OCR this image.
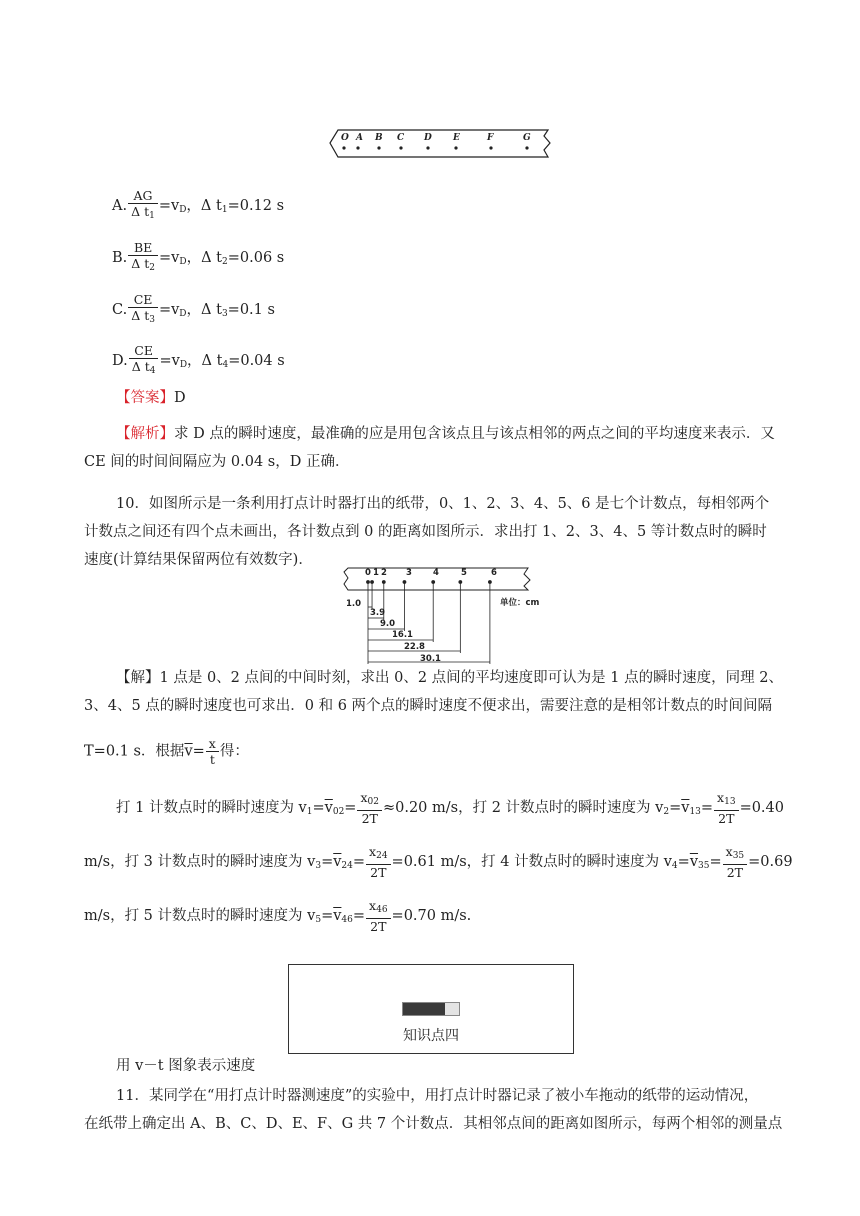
O A B C D E	F	G
A. $\frac{AG}{\Delta t_1} =v_D$，Δ $t_1=0.12$ s
B. $\frac{BE}{\Delta t_2} =v_D$，Δ $t_2=0.06$ s
C. $\frac{CE}{\Delta t_3} =v_D$，Δ $t_3=0.1$ s
D. $\frac{CE}{\Delta t_4} =v_D$，Δ $t_4=0.04$ s
【答案】D
【解析】求 D 点的瞬时速度，最准确的应是用包含该点且与该点相邻的两点之间的平均速度来表示．又
CE 间的时间间隔应为 0.04 s，D 正确．
10．如图所示是一条利用打点计时器打出的纸带，0、1、2、3、4、5、6 是七个计数点，每相邻两个
计数点之间还有四个点未画出，各计数点到 0 的距离如图所示．求出打 1、2、3、4、5 等计数点时的瞬时
速度(计算结果保留两位有效数字)．
0 1 2 3 4	5	6
1.0
3.9
9.0
16.1
22.8
30.1
单位：cm
【解】1 点是 0、2 点间的中间时刻，求出 0、2 点间的平均速度即可认为是 1 点的瞬时速度，同理 2、
3、4、5 点的瞬时速度也可求出．0 和 6 两个点的瞬时速度不便求出，需要注意的是相邻计数点的时间间隔
T=0.1 s．根据$\overline{v}= \frac{x}{t}$ 得：
打 1 计数点时的瞬时速度为 $v_1=\overline{v}_{02}= \frac{x_{02}}{2T} \approx 0.20$ m/s，打 2 计数点时的瞬时速度为 $v_2=\overline{v}_{13}= \frac{x_{13}}{2T} =0.40$
m/s，打 3 计数点时的瞬时速度为 $v_3=\overline{v}_{24}= \frac{x_{24}}{2T} =0.61$ m/s，打 4 计数点时的瞬时速度为 $v_4=\overline{v}_{35}= \frac{x_{35}}{2T} =0.69$
m/s，打 5 计数点时的瞬时速度为 $v_5=\overline{v}_{46}= \frac{x_{46}}{2T} =0.70$ m/s.
知识点四
用 v－t 图象表示速度
11．某同学在“用打点计时器测速度”的实验中，用打点计时器记录了被小车拖动的纸带的运动情况，
在纸带上确定出 A、B、C、D、E、F、G 共 7 个计数点．其相邻点间的距离如图所示，每两个相邻的测量点
